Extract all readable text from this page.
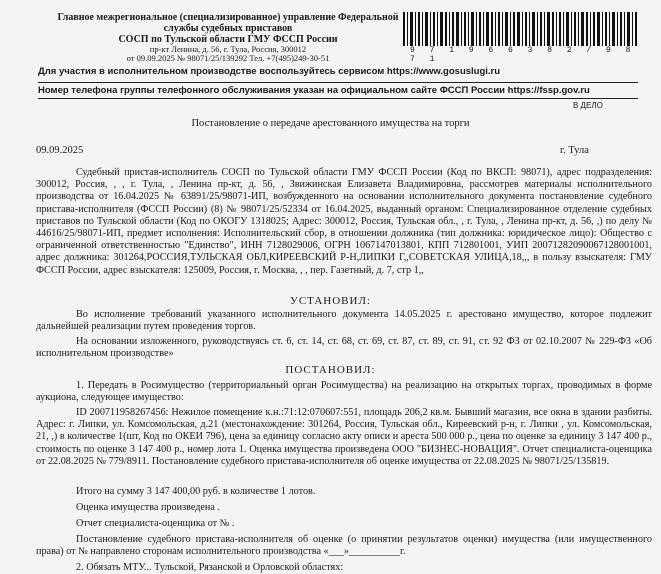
Главное межрегиональное (специализированное) управление Федеральной
службы судебных приставов
СОСП по Тульской области ГМУ ФССП России
пр-кт Ленина, д. 56, г. Тула, Россия, 300012
от 09.09.2025 № 98071/25/139292 Тел. +7(495)249-30-51
9 7 1 9 6 6 3 8 2 / 9 8 7 1
Для участия в исполнительном производстве воспользуйтесь сервисом https://www.gosuslugi.ru
Номер телефона группы телефонного обслуживания указан на официальном сайте ФССП России https://fssp.gov.ru
В ДЕЛО
Постановление о передаче арестованного имущества на торги
09.09.2025	г. Тула
Судебный пристав-исполнитель СОСП по Тульской области ГМУ ФССП России (Код по ВКСП: 98071), адрес подразделения: 300012, Россия, , , г. Тула, , Ленина пр-кт, д. 56, , Звижинская Елизавета Владимировна, рассмотрев материалы исполнительного производства от 16.04.2025 № 63891/25/98071-ИП, возбужденного на основании исполнительного документа постановление судебного пристава-исполнителя (ФССП России) (8) № 98071/25/52334 от 16.04.2025, выданный органом: Специализированное отделение судебных приставов по Тульской области (Код по ОКОГУ 1318025; Адрес: 300012, Россия, Тульская обл., , г. Тула, , Ленина пр-кт, д. 56, ,) по делу № 44616/25/98071-ИП, предмет исполнения: Исполнительский сбор, в отношении должника (тип должника: юридическое лицо): Общество с ограниченной ответственностью "Единство", ИНН 7128029006, ОГРН 1067147013801, КПП 712801001, УИП 20071282090067128001001, адрес должника: 301264,РОССИЯ,ТУЛЬСКАЯ ОБЛ,КИРЕЕВСКИЙ Р-Н,ЛИПКИ Г,,СОВЕТСКАЯ УЛИЦА,18,,, в пользу взыскателя: ГМУ ФССП России, адрес взыскателя: 125009, Россия, г. Москва, , , пер. Газетный, д. 7, стр 1,,
УСТАНОВИЛ:
Во исполнение требований указанного исполнительного документа 14.05.2025 г. арестовано имущество, которое подлежит дальнейшей реализации путем проведения торгов.
На основании изложенного, руководствуясь ст. 6, ст. 14, ст. 68, ст. 69, ст. 87, ст. 89, ст. 91, ст. 92 ФЗ от 02.10.2007 № 229-ФЗ «Об исполнительном производстве»
ПОСТАНОВИЛ:
1. Передать в Росимущество (территориальный орган Росимущества) на реализацию на открытых торгах, проводимых в форме аукциона, следующее имущество:
ID 200711958267456: Нежилое помещение к.н.:71:12:070607:551, площадь 206,2 кв.м. Бывший магазин, все окна в здании разбиты. Адрес: г. Липки, ул. Комсомольская, д.21 (местонахождение: 301264, Россия, Тульская обл., Киреевский р-н, г. Липки , ул. Комсомольская, 21, ,) в количестве 1(шт, Код по ОКЕИ 796), цена за единицу согласно акту описи и ареста 500 000 р., цена по оценке за единицу 3 147 400 р., стоимость по оценке 3 147 400 р., номер лота 1. Оценка имущества произведена ООО "БИЗНЕС-НОВАЦИЯ". Отчет специалиста-оценщика от 22.08.2025 № 779/8911. Постановление судебного пристава-исполнителя об оценке имущества от 22.08.2025 № 98071/25/135819.
Итого на сумму 3 147 400,00 руб. в количестве 1 лотов.
Оценка имущества произведена .
Отчет специалиста-оценщика от № .
Постановление судебного пристава-исполнителя об оценке (о принятии результатов оценки) имущества (или имущественного права) от № направлено сторонам исполнительного производства «___»__________г.
2. Обязать МТУ... Тульской, Рязанской и Орловской областях:
